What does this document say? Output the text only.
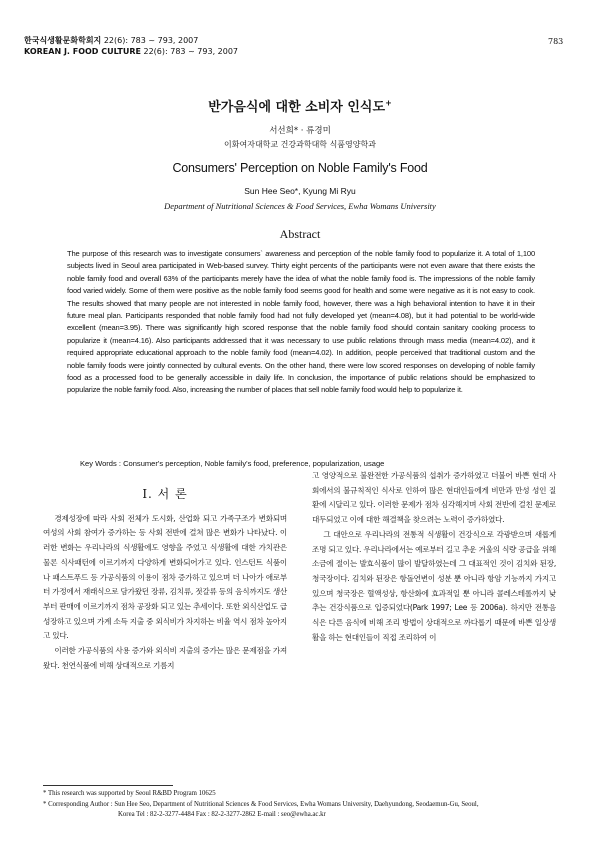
한국식생활문화학회지 22(6): 783 ~ 793, 2007
KOREAN J. FOOD CULTURE 22(6): 783 ~ 793, 2007
783
반가음식에 대한 소비자 인식도+
서선희* · 류경미
이화여자대학교 건강과학대학 식품영양학과
Consumers' Perception on Noble Family's Food
Sun Hee Seo*, Kyung Mi Ryu
Department of Nutritional Sciences & Food Services, Ewha Womans University
Abstract
The purpose of this research was to investigate consumers` awareness and perception of the noble family food to popularize it. A total of 1,100 subjects lived in Seoul area participated in Web-based survey. Thirty eight percents of the participants were not even aware that there exists the noble family food and overall 63% of the participants merely have the idea of what the noble family food is. The impressions of the noble family food varied widely. Some of them were positive as the noble family food seems good for health and some were negative as it is not easy to cook. The results showed that many people are not interested in noble family food, however, there was a high behavioral intention to have it in their future meal plan. Participants responded that noble family food had not fully developed yet (mean=4.08), but it had potential to be world-wide excellent (mean=3.95). There was significantly high scored response that the noble family food should contain sanitary cooking process to popularize it (mean=4.16). Also participants addressed that it was necessary to use public relations through mass media (mean=4.02), and it required appropriate educational approach to the noble family food (mean=4.02). In addition, people perceived that traditional custom and the noble family foods were jointly connected by cultural events. On the other hand, there were low scored responses on developing of noble family food as a processed food to be generally accessible in daily life. In conclusion, the importance of public relations should be emphasized to popularize the noble family food. Also, increasing the number of places that sell noble family food would help to popularize it.
Key Words : Consumer's perception, Noble family's food, preference, popularization, usage
Ⅰ. 서 론

경제성장에 따라 사회 전체가 도시화, 산업화 되고 가족구조가 변화되며 여성의 사회 참여가 증가하는 등 사회 전반에 걸쳐 많은 변화가 나타났다. 이러한 변화는 우리나라의 식생활에도 영향을 주었고 식생활에 대한 가치관은 물론 식사패턴에 이르기까지 다양하게 변화되어가고 있다. 인스턴트 식품이나 패스트푸드 등 가공식품의 이용이 점차 증가하고 있으며 더 나아가 애로부터 가정에서 재래식으로 담가왔던 장류, 김치류, 젓갈류 등의 음식까지도 생산부터 판매에 이르기까지 점차 공장화 되고 있는 추세이다. 또한 외식산업도 급성장하고 있으며 가계 소득 지출 중 외식비가 차지하는 비율 역시 점차 높아지고 있다.

이러한 가공식품의 사용 증가와 외식비 지출의 증가는 많은 문제점을 가져왔다. 천연식품에 비해 상대적으로 기름지

고 영양적으로 불완전한 가공식품의 섭취가 증가하였고 더불어 바쁜 현대 사회에서의 불규칙적인 식사로 인하여 많은 현대인들에게 비만과 만성 성인 질환에 시달리고 있다. 이러한 문제가 점차 심각해지며 사회 전반에 걸친 문제로 대두되었고 이에 대한 해결책을 찾으려는 노력이 증가하였다.

그 대안으로 우리나라의 전통적 식생활이 건강식으로 각광받으며 새롭게 조명 되고 있다. 우리나라에서는 예로부터 길고 추운 겨울의 식량 공급을 위해 소금에 절이는 발효식품이 많이 발달하였는데 그 대표적인 것이 김치와 된장, 청국장이다. 김치와 된장은 항돌연변이 성분 뿐 아니라 항암 기능까지 가지고 있으며 청국장은 혈액성상, 항산화에 효과적일 뿐 아니라 콜레스테롤까지 낮추는 건강식품으로 입증되었다(Park 1997; Lee 등 2006a). 하지만 전통음식은 다른 음식에 비해 조리 방법이 상대적으로 까다롭기 때문에 바쁜 일상생활을 하는 현대인들이 직접 조리하여 이

* This research was supported by Seoul R&BD Program 10625
* Corresponding Author : Sun Hee Seo, Department of Nutritional Sciences & Food Services, Ewha Womans University, Daehyundong, Seodaemun-Gu, Seoul,
Korea Tel : 82-2-3277-4484 Fax : 82-2-3277-2862 E-mail : seo@ewha.ac.kr
